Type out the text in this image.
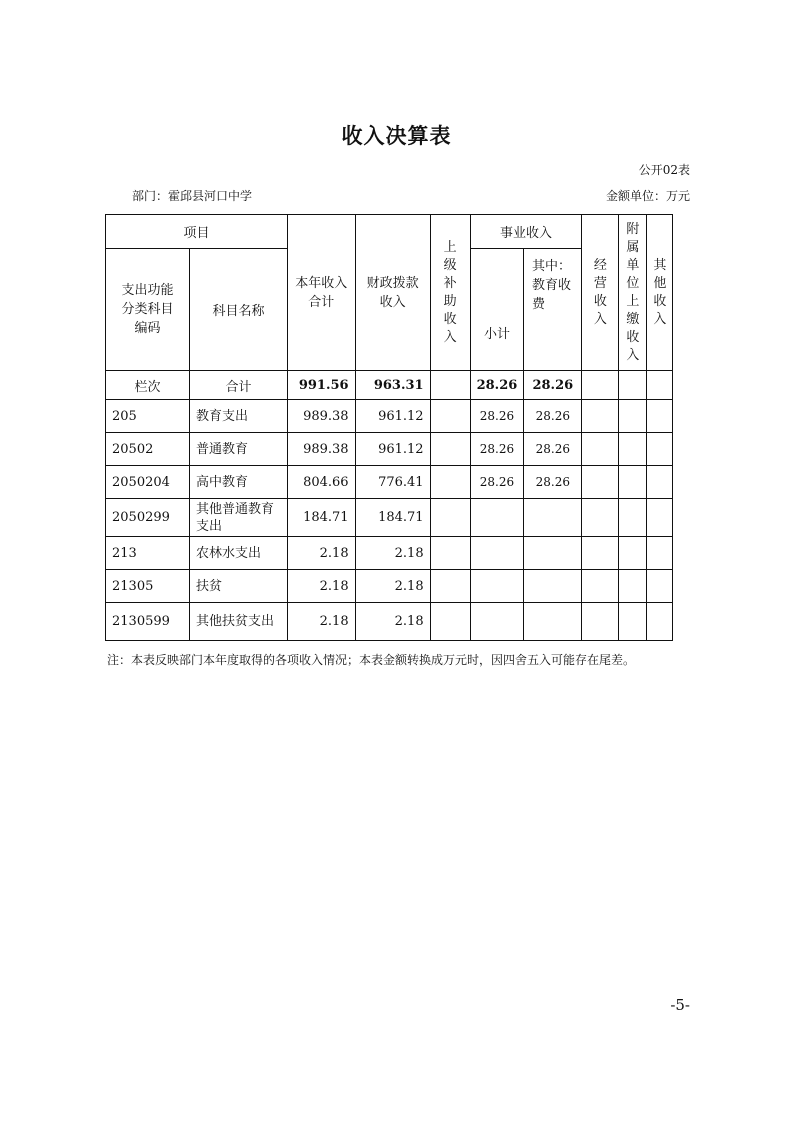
收入决算表
公开02表
部门：霍邱县河口中学	金额单位：万元
项目		本年收入合计	财政拨款收入	上级补助收入	事业收入		经营收入	附属单位上缴收入	其他收入
支出功能分类科目编码	科目名称				小计	其中：教育收费			
栏次	合计	991.56	963.31		28.26	28.26			
205	教育支出	989.38	961.12		28.26	28.26			
20502	普通教育	989.38	961.12		28.26	28.26			
2050204	高中教育	804.66	776.41		28.26	28.26			
2050299	其他普通教育支出	184.71	184.71						
213	农林水支出	2.18	2.18						
21305	扶贫	2.18	2.18						
2130599	其他扶贫支出	2.18	2.18						
注：本表反映部门本年度取得的各项收入情况；本表金额转换成万元时，因四舍五入可能存在尾差。
-5-
